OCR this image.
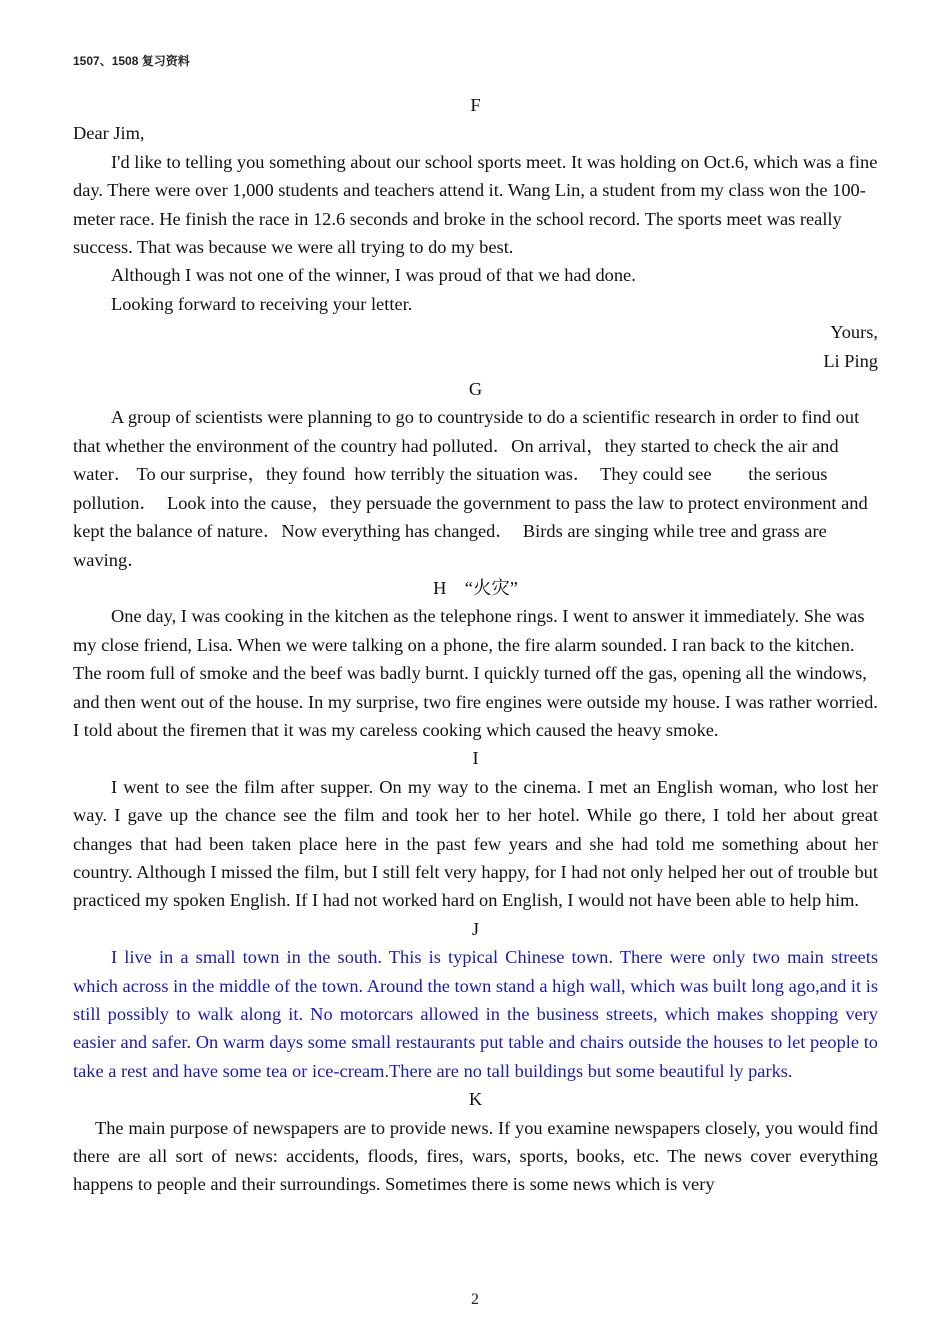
1507、1508 复习资料

F

Dear Jim,

I'd like to telling you something about our school sports meet. It was holding on Oct.6, which was a fine day. There were over 1,000 students and teachers attend it. Wang Lin, a student from my class won the 100-meter race. He finish the race in 12.6 seconds and broke in the school record. The sports meet was really success. That was because we were all trying to do my best.

Although I was not one of the winner, I was proud of that we had done.

Looking forward to receiving your letter.

Yours,

Li Ping

G

A group of scientists were planning to go to countryside to do a scientific research in order to find out that whether the environment of the country had polluted．On arrival，they started to check the air and water． To our surprise，they found  how terribly the situation was．  They could see        the serious pollution．  Look into the cause，they persuade the government to pass the law to protect environment and kept the balance of nature．Now everything has changed．  Birds are singing while tree and grass are waving．

H　“火灾”

One day, I was cooking in the kitchen as the telephone rings. I went to answer it immediately. She was my close friend, Lisa. When we were talking on a phone, the fire alarm sounded. I ran back to the kitchen. The room full of smoke and the beef was badly burnt. I quickly turned off the gas, opening all the windows, and then went out of the house. In my surprise, two fire engines were outside my house. I was rather worried. I told about the firemen that it was my careless cooking which caused the heavy smoke.

I

I went to see the film after supper. On my way to the cinema. I met an English woman, who lost her way. I gave up the chance see the film and took her to her hotel. While go there, I told her about great changes that had been taken place here in the past few years and she had told me something about her country. Although I missed the film, but I still felt very happy, for I had not only helped her out of trouble but practiced my spoken English. If I had not worked hard on English, I would not have been able to help him.

J

I live in a small town in the south. This is typical Chinese town. There were only two main streets which across in the middle of the town. Around the town stand a high wall, which was built long ago,and it is still possibly to walk along it. No motorcars allowed in the business streets, which makes shopping very easier and safer. On warm days some small restaurants put table and chairs outside the houses to let people to take a rest and have some tea or ice-cream.There are no tall buildings but some beautiful ly parks.

K

The main purpose of newspapers are to provide news. If you examine newspapers closely, you would find there are all sort of news: accidents, floods, fires, wars, sports, books, etc. The news cover everything happens to people and their surroundings. Sometimes there is some news which is very

2
